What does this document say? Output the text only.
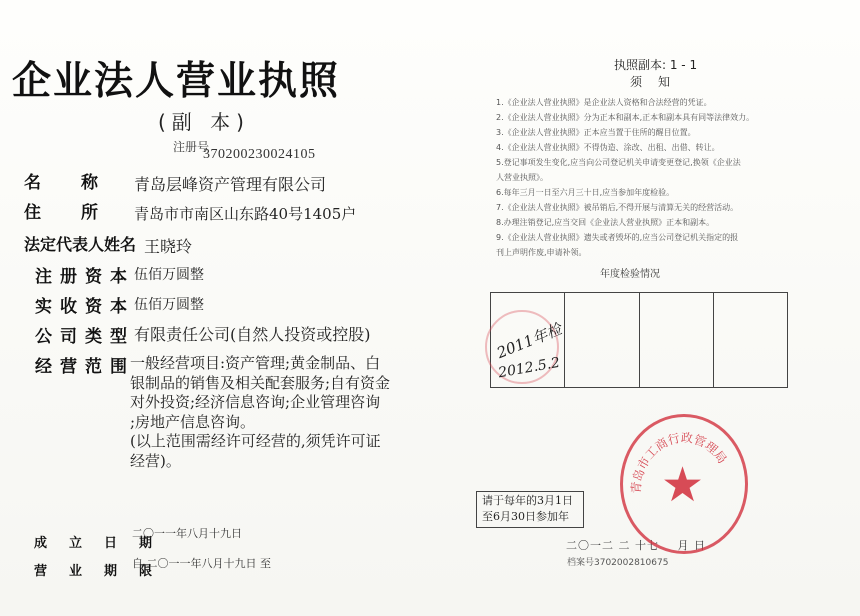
企业法人营业执照
(副 本)
注册号
370200230024105
名称
青岛层峰资产管理有限公司
住所
青岛市市南区山东路40号1405户
法定代表人姓名 王晓玲
注册资本 伍佰万圆整
实收资本 伍佰万圆整
公司类型 有限责任公司(自然人投资或控股)
经营范围
一般经营项目:资产管理;黄金制品、白
银制品的销售及相关配套服务;自有资金
对外投资;经济信息咨询;企业管理咨询
;房地产信息咨询。
(以上范围需经许可经营的,须凭许可证
经营)。
成立日期
二〇一一年八月十九日
营业期限
自 二〇一一年八月十九日 至
执照副本: 1 - 1
须知
1.《企业法人营业执照》是企业法人资格和合法经营的凭证。
2.《企业法人营业执照》分为正本和副本,正本和副本具有同等法律效力。
3.《企业法人营业执照》正本应当置于住所的醒目位置。
4.《企业法人营业执照》不得伪造、涂改、出租、出借、转让。
5.登记事项发生变化,应当向公司登记机关申请变更登记,换领《企业法
人营业执照》。
6.每年三月一日至六月三十日,应当参加年度检验。
7.《企业法人营业执照》被吊销后,不得开展与清算无关的经营活动。
8.办理注销登记,应当交回《企业法人营业执照》正本和副本。
9.《企业法人营业执照》遗失或者毁坏的,应当公司登记机关指定的报
刊上声明作废,申请补领。
年度检验情况
2011年检
2012.5.2
请于每年的3月1日至6月30日参加年
二〇一二 二 十七 月 日
档案号3702002810675
★
青岛市工商行政管理局
